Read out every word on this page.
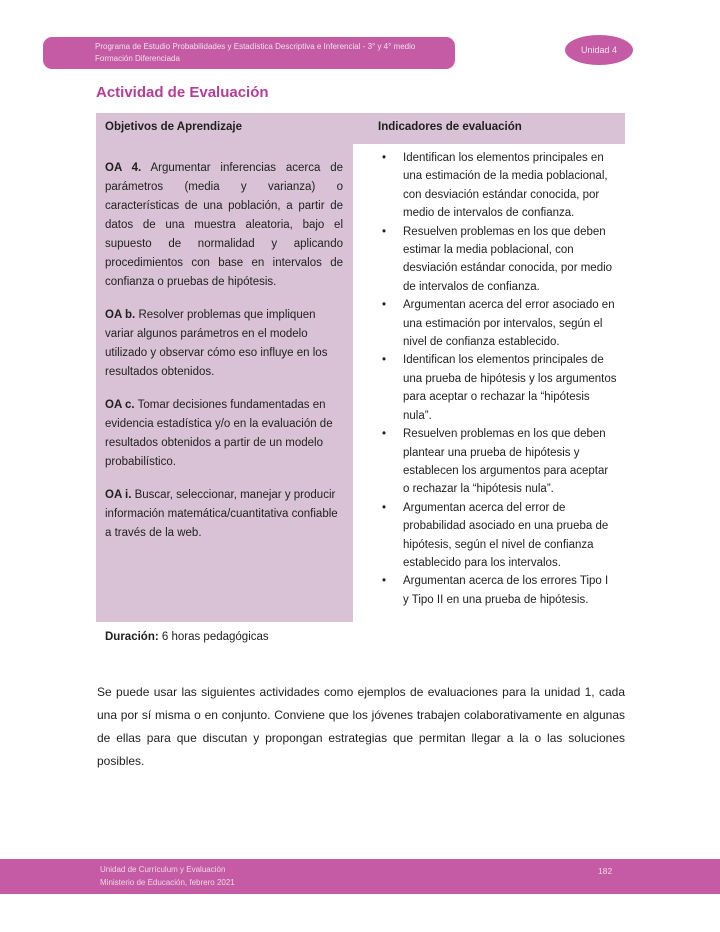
Programa de Estudio Probabilidades y Estadística Descriptiva e Inferencial - 3° y 4° medio
Formación Diferenciada
Unidad 4
Actividad de Evaluación
Objetivos de Aprendizaje	Indicadores de evaluación

OA 4. Argumentar inferencias acerca de parámetros (media y varianza) o características de una población, a partir de datos de una muestra aleatoria, bajo el supuesto de normalidad y aplicando procedimientos con base en intervalos de confianza o pruebas de hipótesis.

OA b. Resolver problemas que impliquen variar algunos parámetros en el modelo utilizado y observar cómo eso influye en los resultados obtenidos.

OA c. Tomar decisiones fundamentadas en evidencia estadística y/o en la evaluación de resultados obtenidos a partir de un modelo probabilístico.

OA i. Buscar, seleccionar, manejar y producir información matemática/cuantitativa confiable a través de la web.

• Identifican los elementos principales en una estimación de la media poblacional, con desviación estándar conocida, por medio de intervalos de confianza.
• Resuelven problemas en los que deben estimar la media poblacional, con desviación estándar conocida, por medio de intervalos de confianza.
• Argumentan acerca del error asociado en una estimación por intervalos, según el nivel de confianza establecido.
• Identifican los elementos principales de una prueba de hipótesis y los argumentos para aceptar o rechazar la “hipótesis nula”.
• Resuelven problemas en los que deben plantear una prueba de hipótesis y establecen los argumentos para aceptar o rechazar la “hipótesis nula”.
• Argumentan acerca del error de probabilidad asociado en una prueba de hipótesis, según el nivel de confianza establecido para los intervalos.
• Argumentan acerca de los errores Tipo I y Tipo II en una prueba de hipótesis.
Duración: 6 horas pedagógicas

Se puede usar las siguientes actividades como ejemplos de evaluaciones para la unidad 1, cada una por sí misma o en conjunto. Conviene que los jóvenes trabajen colaborativamente en algunas de ellas para que discutan y propongan estrategias que permitan llegar a la o las soluciones posibles.

Unidad de Currículum y Evaluación
Ministerio de Educación, febrero 2021
182
